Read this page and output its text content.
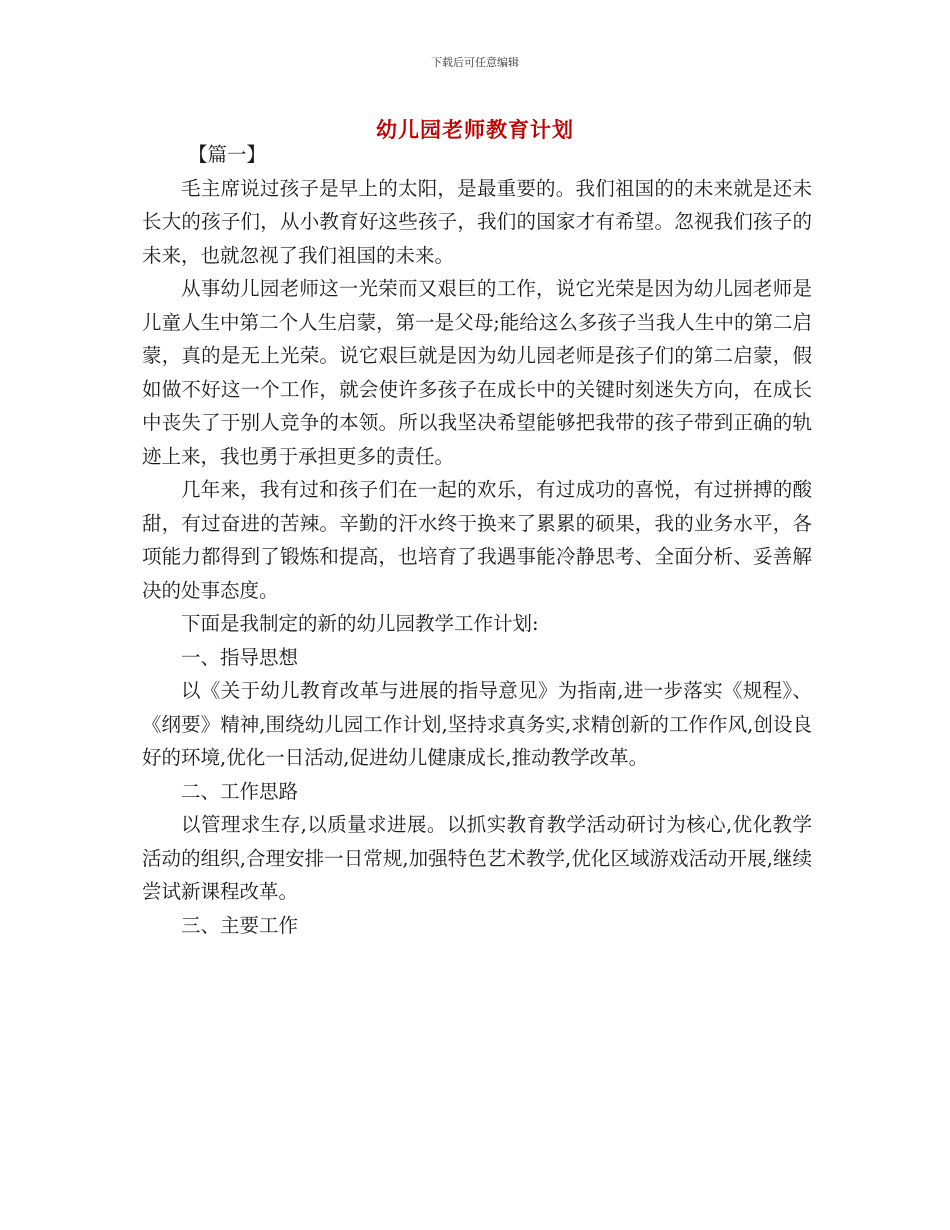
下载后可任意编辑
幼儿园老师教育计划

【篇一】

毛主席说过孩子是早上的太阳，是最重要的。我们祖国的的未来就是还未长大的孩子们，从小教育好这些孩子，我们的国家才有希望。忽视我们孩子的未来，也就忽视了我们祖国的未来。

从事幼儿园老师这一光荣而又艰巨的工作，说它光荣是因为幼儿园老师是儿童人生中第二个人生启蒙，第一是父母;能给这么多孩子当我人生中的第二启蒙，真的是无上光荣。说它艰巨就是因为幼儿园老师是孩子们的第二启蒙，假如做不好这一个工作，就会使许多孩子在成长中的关键时刻迷失方向，在成长中丧失了于别人竞争的本领。所以我坚决希望能够把我带的孩子带到正确的轨迹上来，我也勇于承担更多的责任。

几年来，我有过和孩子们在一起的欢乐，有过成功的喜悦，有过拼搏的酸甜，有过奋进的苦辣。辛勤的汗水终于换来了累累的硕果，我的业务水平，各项能力都得到了锻炼和提高，也培育了我遇事能冷静思考、全面分析、妥善解决的处事态度。

下面是我制定的新的幼儿园教学工作计划:

一、指导思想

以《关于幼儿教育改革与进展的指导意见》为指南,进一步落实《规程》、《纲要》精神,围绕幼儿园工作计划,坚持求真务实,求精创新的工作作风,创设良好的环境,优化一日活动,促进幼儿健康成长,推动教学改革。

二、工作思路

以管理求生存,以质量求进展。以抓实教育教学活动研讨为核心,优化教学活动的组织,合理安排一日常规,加强特色艺术教学,优化区域游戏活动开展,继续尝试新课程改革。

三、主要工作
